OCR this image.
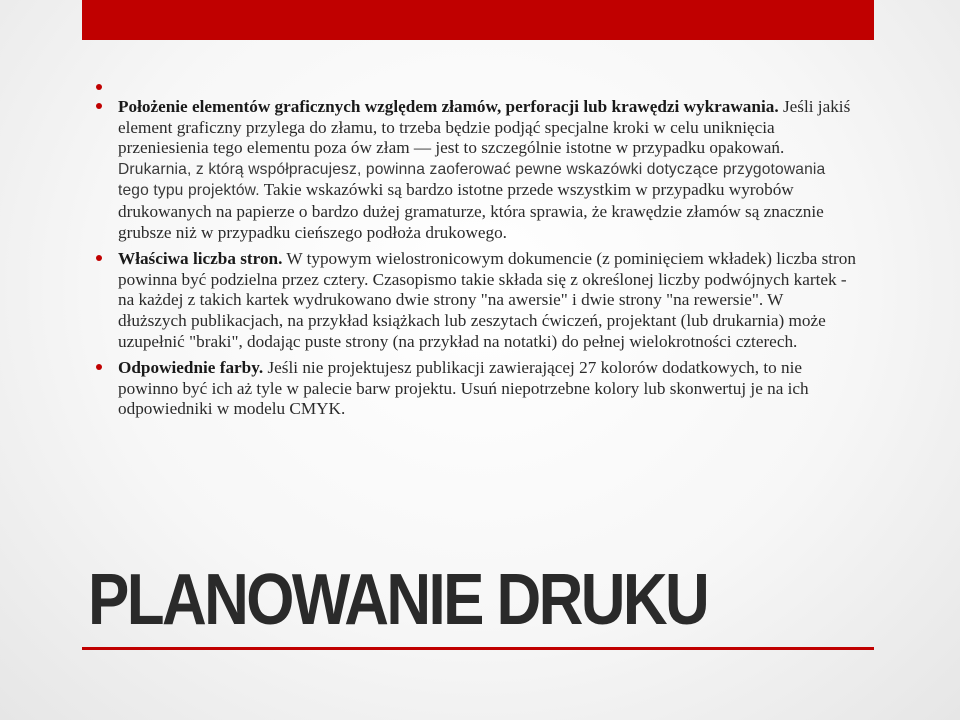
Położenie elementów graficznych względem złamów, perforacji lub krawędzi wykrawania. Jeśli jakiś element graficzny przylega do złamu, to trzeba będzie podjąć specjalne kroki w celu uniknięcia przeniesienia tego elementu poza ów złam — jest to szczególnie istotne w przypadku opakowań. Drukarnia, z którą współpracujesz, powinna zaoferować pewne wskazówki dotyczące przygotowania tego typu projektów. Takie wskazówki są bardzo istotne przede wszystkim w przypadku wyrobów drukowanych na papierze o bardzo dużej gramaturze, która sprawia, że krawędzie złamów są znacznie grubsze niż w przypadku cieńszego podłoża drukowego.
Właściwa liczba stron. W typowym wielostronicowym dokumencie (z pominięciem wkładek) liczba stron powinna być podzielna przez cztery. Czasopismo takie składa się z określonej liczby podwójnych kartek - na każdej z takich kartek wydrukowano dwie strony "na awersie" i dwie strony "na rewersie". W dłuższych publikacjach, na przykład książkach lub zeszytach ćwiczeń, projektant (lub drukarnia) może uzupełnić "braki", dodając puste strony (na przykład na notatki) do pełnej wielokrotności czterech.
Odpowiednie farby. Jeśli nie projektujesz publikacji zawierającej 27 kolorów dodatkowych, to nie powinno być ich aż tyle w palecie barw projektu. Usuń niepotrzebne kolory lub skonwertuj je na ich odpowiedniki w modelu CMYK.
PLANOWANIE DRUKU
